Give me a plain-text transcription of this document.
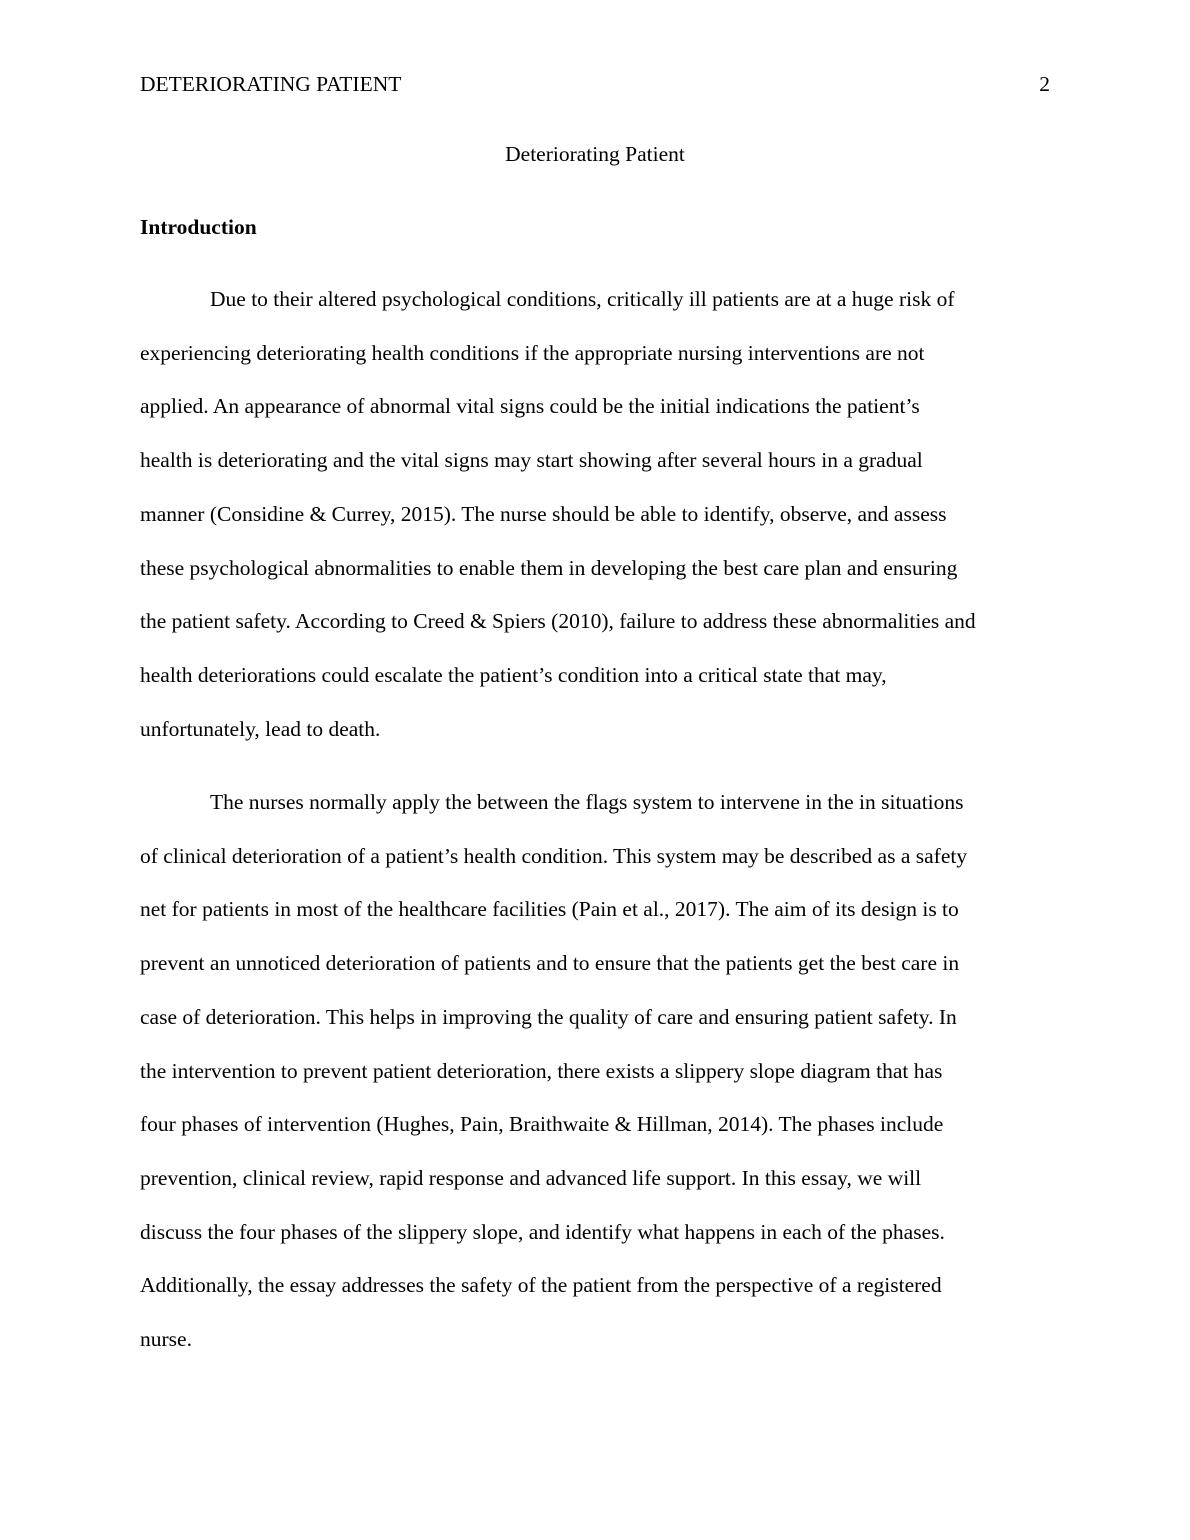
DETERIORATING PATIENT	2
Deteriorating Patient
Introduction
Due to their altered psychological conditions, critically ill patients are at a huge risk of
experiencing deteriorating health conditions if the appropriate nursing interventions are not
applied. An appearance of abnormal vital signs could be the initial indications the patient’s
health is deteriorating and the vital signs may start showing after several hours in a gradual
manner (Considine & Currey, 2015). The nurse should be able to identify, observe, and assess
these psychological abnormalities to enable them in developing the best care plan and ensuring
the patient safety. According to Creed & Spiers (2010), failure to address these abnormalities and
health deteriorations could escalate the patient’s condition into a critical state that may,
unfortunately, lead to death.
The nurses normally apply the between the flags system to intervene in the in situations
of clinical deterioration of a patient’s health condition. This system may be described as a safety
net for patients in most of the healthcare facilities (Pain et al., 2017). The aim of its design is to
prevent an unnoticed deterioration of patients and to ensure that the patients get the best care in
case of deterioration. This helps in improving the quality of care and ensuring patient safety. In
the intervention to prevent patient deterioration, there exists a slippery slope diagram that has
four phases of intervention (Hughes, Pain, Braithwaite & Hillman, 2014). The phases include
prevention, clinical review, rapid response and advanced life support. In this essay, we will
discuss the four phases of the slippery slope, and identify what happens in each of the phases.
Additionally, the essay addresses the safety of the patient from the perspective of a registered
nurse.
